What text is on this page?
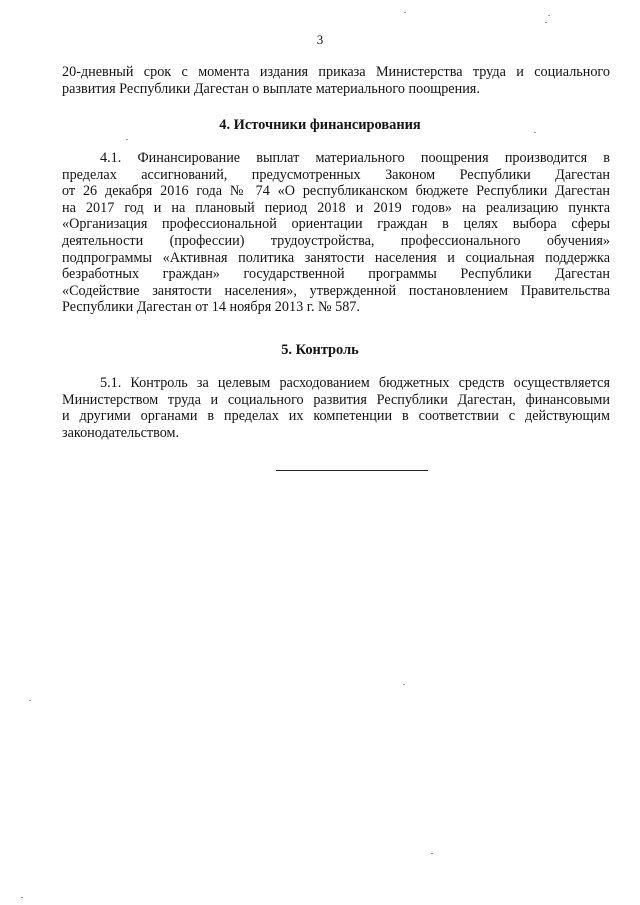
3
20-дневный срок с момента издания приказа Министерства труда и социального
развития Республики Дагестан о выплате материального поощрения.
4. Источники финансирования
4.1. Финансирование выплат материального поощрения производится в
пределах ассигнований, предусмотренных Законом Республики Дагестан
от 26 декабря 2016 года № 74 «О республиканском бюджете Республики Дагестан
на 2017 год и на плановый период 2018 и 2019 годов» на реализацию пункта
«Организация профессиональной ориентации граждан в целях выбора сферы
деятельности (профессии) трудоустройства, профессионального обучения»
подпрограммы «Активная политика занятости населения и социальная поддержка
безработных граждан» государственной программы Республики Дагестан
«Содействие занятости населения», утвержденной постановлением Правительства
Республики Дагестан от 14 ноября 2013 г. № 587.
5. Контроль
5.1. Контроль за целевым расходованием бюджетных средств осуществляется
Министерством труда и социального развития Республики Дагестан, финансовыми
и другими органами в пределах их компетенции в соответствии с действующим
законодательством.
